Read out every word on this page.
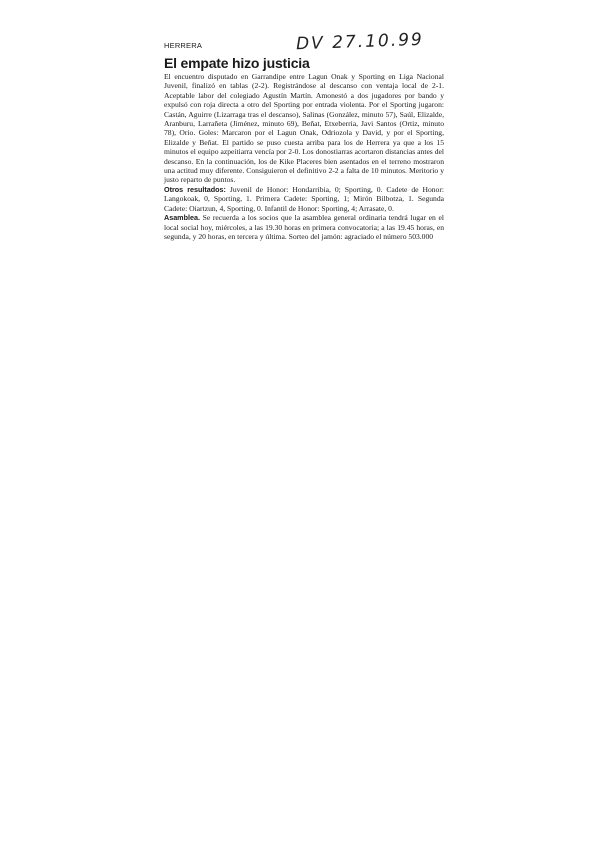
HERRERA	DV 27.10.99
El empate hizo justicia

El encuentro disputado en Garrandipe entre Lagun Onak y Sporting en Liga Nacional Juvenil, finalizó en tablas (2-2). Registrándose al descanso con ventaja local de 2-1. Aceptable labor del colegiado Agustín Martín. Amonestó a dos jugadores por bando y expulsó con roja directa a otro del Sporting por entrada violenta. Por el Sporting jugaron: Castán, Aguirre (Lizarraga tras el descanso), Salinas (González, minuto 57), Saúl, Elizalde, Aranburu, Larrañeta (Jiménez, minuto 69), Beñat, Etxeberria, Javi Santos (Ortiz, minuto 78), Orio. Goles: Marcaron por el Lagun Onak, Odriozola y David, y por el Sporting, Elizalde y Beñat. El partido se puso cuesta arriba para los de Herrera ya que a los 15 minutos el equipo azpeitiarra vencía por 2-0. Los donostiarras acortaron distancias antes del descanso. En la continuación, los de Kike Placeres bien asentados en el terreno mostraron una actitud muy diferente. Consiguieron el definitivo 2-2 a falta de 10 minutos. Meritorio y justo reparto de puntos.

Otros resultados: Juvenil de Honor: Hondarribia, 0; Sporting, 0. Cadete de Honor: Langokoak, 0, Sporting, 1. Primera Cadete: Sporting, 1; Mirón Bilbotza, 1. Segunda Cadete: Oiartzun, 4, Sporting, 0. Infantil de Honor: Sporting, 4; Arrasate, 0.

Asamblea. Se recuerda a los socios que la asamblea general ordinaria tendrá lugar en el local social hoy, miércoles, a las 19.30 horas en primera convocatoria; a las 19.45 horas, en segunda, y 20 horas, en tercera y última. Sorteo del jamón: agraciado el número 503.000
